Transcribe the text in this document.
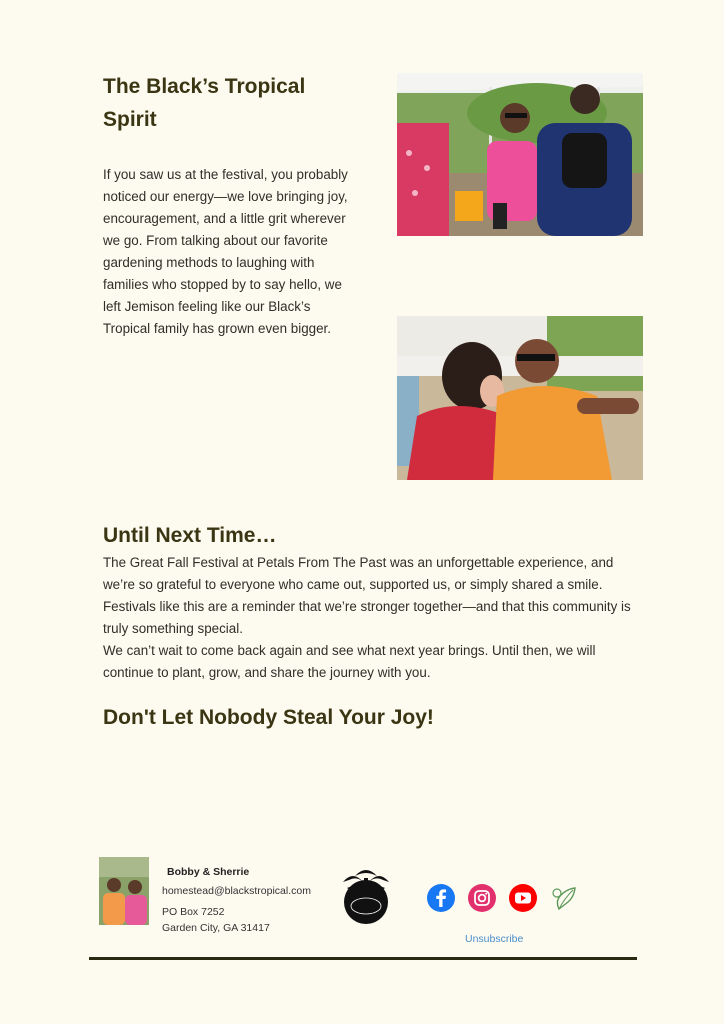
The Black’s Tropical Spirit

If you saw us at the festival, you probably noticed our energy—we love bringing joy, encouragement, and a little grit wherever we go. From talking about our favorite gardening methods to laughing with families who stopped by to say hello, we left Jemison feeling like our Black’s Tropical family has grown even bigger.

Until Next Time…

The Great Fall Festival at Petals From The Past was an unforgettable experience, and we’re so grateful to everyone who came out, supported us, or simply shared a smile. Festivals like this are a reminder that we’re stronger together—and that this community is truly something special.

We can’t wait to come back again and see what next year brings. Until then, we will continue to plant, grow, and share the journey with you.

Don't Let Nobody Steal Your Joy!
Bobby & Sherrie
homestead@blackstropical.com
PO Box 7252
Garden City, GA 31417
Unsubscribe
